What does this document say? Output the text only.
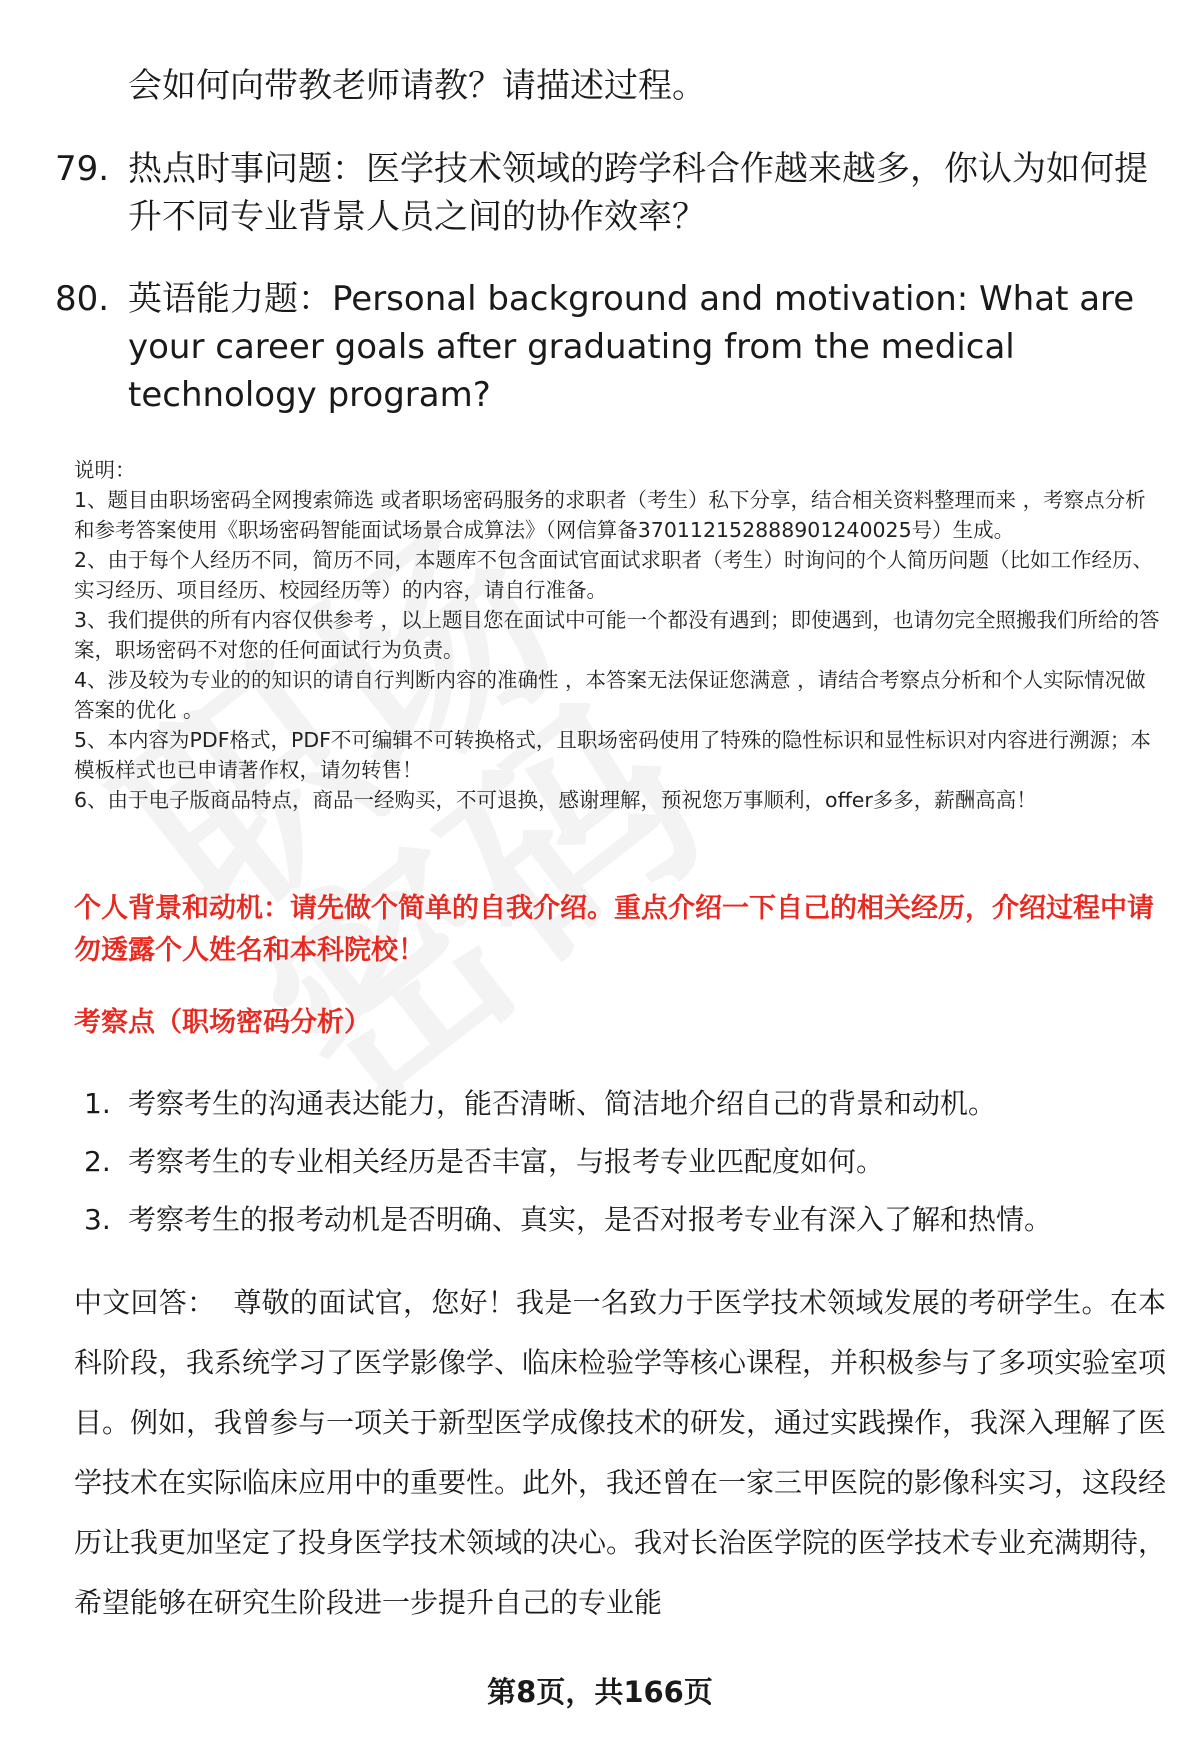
会如何向带教老师请教？请描述过程。
79. 热点时事问题：医学技术领域的跨学科合作越来越多，你认为如何提升不同专业背景人员之间的协作效率？
80. 英语能力题：Personal background and motivation: What are your career goals after graduating from the medical technology program?

说明：

1、题目由职场密码全网搜索筛选 或者职场密码服务的求职者（考生）私下分享，结合相关资料整理而来 ，考察点分析和参考答案使用《职场密码智能面试场景合成算法》（网信算备370112152888901240025号）生成。

2、由于每个人经历不同，简历不同，本题库不包含面试官面试求职者（考生）时询问的个人简历问题（比如工作经历、实习经历、项目经历、校园经历等）的内容，请自行准备。

3、我们提供的所有内容仅供参考 ，以上题目您在面试中可能一个都没有遇到；即使遇到，也请勿完全照搬我们所给的答案，职场密码不对您的任何面试行为负责。

4、涉及较为专业的的知识的请自行判断内容的准确性 ，本答案无法保证您满意 ，请结合考察点分析和个人实际情况做答案的优化 。

5、本内容为PDF格式，PDF不可编辑不可转换格式，且职场密码使用了特殊的隐性标识和显性标识对内容进行溯源；本模板样式也已申请著作权，请勿转售！

6、由于电子版商品特点，商品一经购买，不可退换，感谢理解，预祝您万事顺利，offer多多，薪酬高高！

个人背景和动机：请先做个简单的自我介绍。重点介绍一下自己的相关经历，介绍过程中请勿透露个人姓名和本科院校！
考察点（职场密码分析）
1. 考察考生的沟通表达能力，能否清晰、简洁地介绍自己的背景和动机。
2. 考察考生的专业相关经历是否丰富，与报考专业匹配度如何。
3. 考察考生的报考动机是否明确、真实，是否对报考专业有深入了解和热情。
中文回答： 尊敬的面试官，您好！我是一名致力于医学技术领域发展的考研学生。在本科阶段，我系统学习了医学影像学、临床检验学等核心课程，并积极参与了多项实验室项目。例如，我曾参与一项关于新型医学成像技术的研发，通过实践操作，我深入理解了医学技术在实际临床应用中的重要性。此外，我还曾在一家三甲医院的影像科实习，这段经历让我更加坚定了投身医学技术领域的决心。我对长治医学院的医学技术专业充满期待，希望能够在研究生阶段进一步提升自己的专业能
第8页，共166页
